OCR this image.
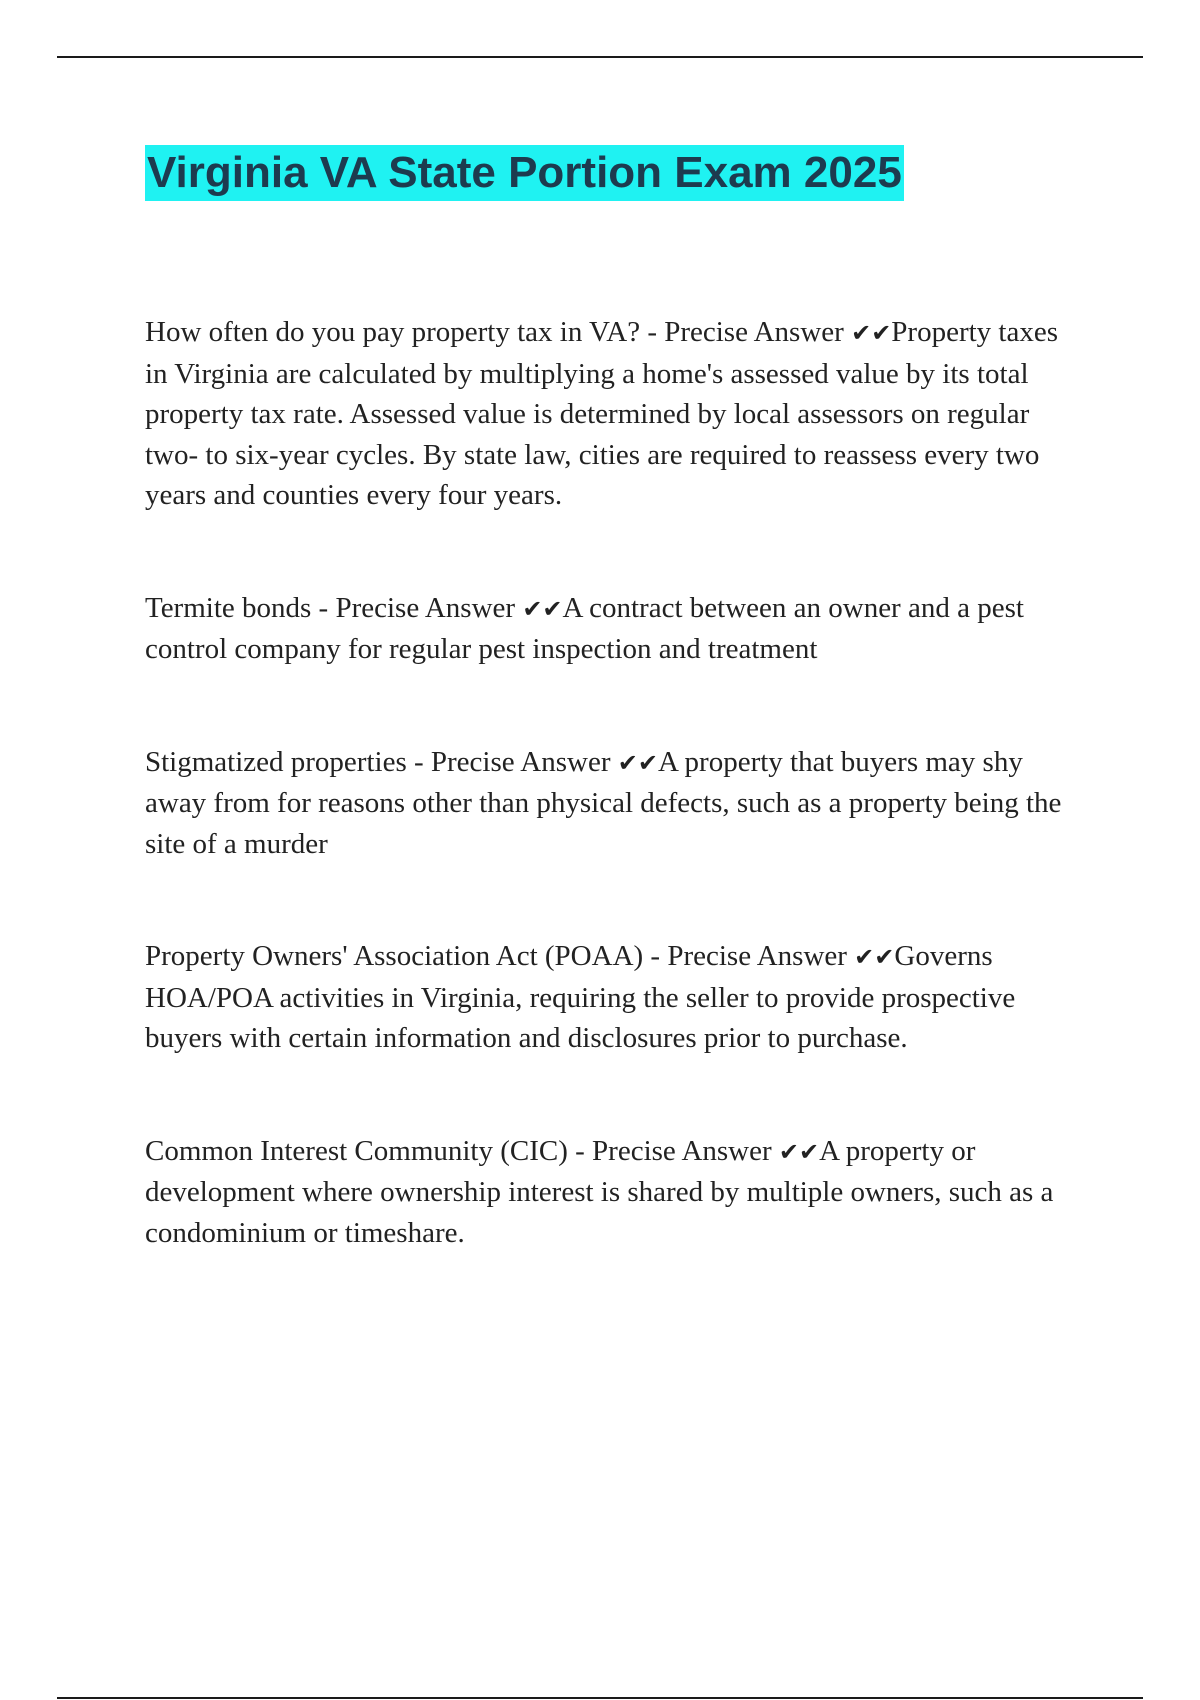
Virginia VA State Portion Exam 2025

How often do you pay property tax in VA? - Precise Answer ✔✔Property taxes in Virginia are calculated by multiplying a home's assessed value by its total property tax rate. Assessed value is determined by local assessors on regular two- to six-year cycles. By state law, cities are required to reassess every two years and counties every four years.

Termite bonds - Precise Answer ✔✔A contract between an owner and a pest control company for regular pest inspection and treatment

Stigmatized properties - Precise Answer ✔✔A property that buyers may shy away from for reasons other than physical defects, such as a property being the site of a murder

Property Owners' Association Act (POAA) - Precise Answer ✔✔Governs HOA/POA activities in Virginia, requiring the seller to provide prospective buyers with certain information and disclosures prior to purchase.

Common Interest Community (CIC) - Precise Answer ✔✔A property or development where ownership interest is shared by multiple owners, such as a condominium or timeshare.
